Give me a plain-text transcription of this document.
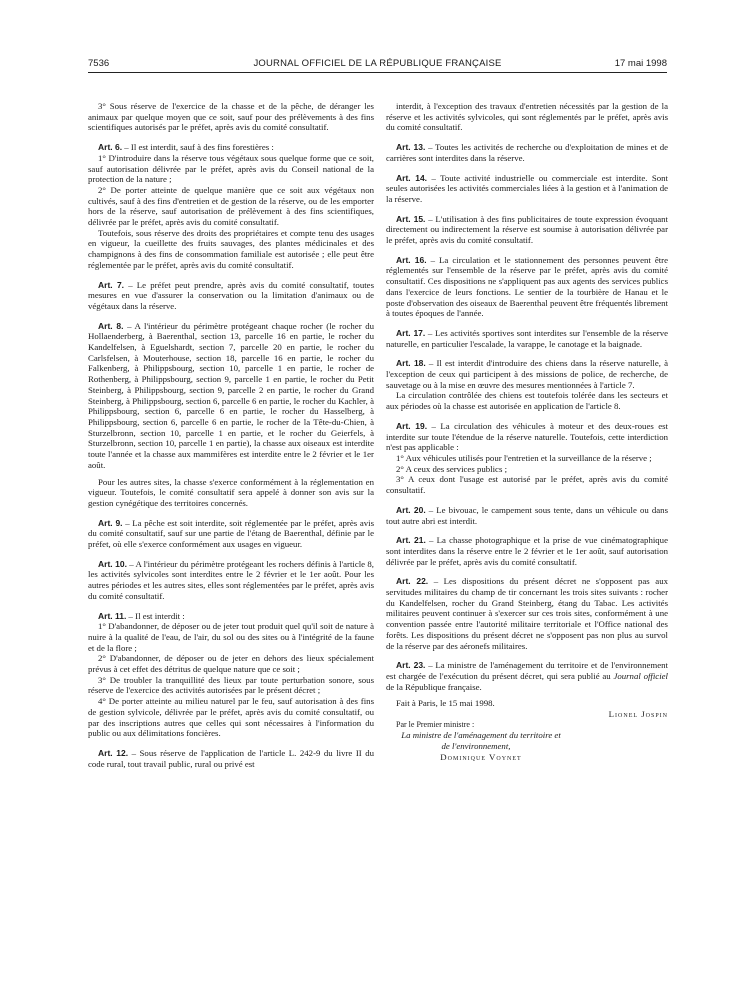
7536	JOURNAL OFFICIEL DE LA RÉPUBLIQUE FRANÇAISE	17 mai 1998

3° Sous réserve de l'exercice de la chasse et de la pêche, de déranger les animaux par quelque moyen que ce soit, sauf pour des prélèvements à des fins scientifiques autorisés par le préfet, après avis du comité consultatif.

Art. 6. – Il est interdit, sauf à des fins forestières :

1° D'introduire dans la réserve tous végétaux sous quelque forme que ce soit, sauf autorisation délivrée par le préfet, après avis du Conseil national de la protection de la nature ;

2° De porter atteinte de quelque manière que ce soit aux végétaux non cultivés, sauf à des fins d'entretien et de gestion de la réserve, ou de les emporter hors de la réserve, sauf autorisation de prélèvement à des fins scientifiques, délivrée par le préfet, après avis du comité consultatif.

Toutefois, sous réserve des droits des propriétaires et compte tenu des usages en vigueur, la cueillette des fruits sauvages, des plantes médicinales et des champignons à des fins de consommation familiale est autorisée ; elle peut être réglementée par le préfet, après avis du comité consultatif.

Art. 7. – Le préfet peut prendre, après avis du comité consultatif, toutes mesures en vue d'assurer la conservation ou la limitation d'animaux ou de végétaux dans la réserve.

Art. 8. – A l'intérieur du périmètre protégeant chaque rocher (le rocher du Hollaenderberg, à Baerenthal, section 13, parcelle 16 en partie, le rocher du Kandelfelsen, à Eguelshardt, section 7, parcelle 20 en partie, le rocher du Carlsfelsen, à Mouterhouse, section 18, parcelle 16 en partie, le rocher du Falkenberg, à Philippsbourg, section 10, parcelle 1 en partie, le rocher de Rothenberg, à Philippsbourg, section 9, parcelle 1 en partie, le rocher du Petit Steinberg, à Philippsbourg, section 9, parcelle 2 en partie, le rocher du Grand Steinberg, à Philippsbourg, section 6, parcelle 6 en partie, le rocher du Kachler, à Philippsbourg, section 6, parcelle 6 en partie, le rocher du Hasselberg, à Philippsbourg, section 6, parcelle 6 en partie, le rocher de la Tête-du-Chien, à Sturzelbronn, section 10, parcelle 1 en partie, et le rocher du Geierfels, à Sturzelbronn, section 10, parcelle 1 en partie), la chasse aux oiseaux est interdite toute l'année et la chasse aux mammifères est interdite entre le 2 février et le 1er août.

Pour les autres sites, la chasse s'exerce conformément à la réglementation en vigueur. Toutefois, le comité consultatif sera appelé à donner son avis sur la gestion cynégétique des territoires concernés.

Art. 9. – La pêche est soit interdite, soit réglementée par le préfet, après avis du comité consultatif, sauf sur une partie de l'étang de Baerenthal, définie par le préfet, où elle s'exerce conformément aux usages en vigueur.

Art. 10. – A l'intérieur du périmètre protégeant les rochers définis à l'article 8, les activités sylvicoles sont interdites entre le 2 février et le 1er août. Pour les autres périodes et les autres sites, elles sont réglementées par le préfet, après avis du comité consultatif.

Art. 11. – Il est interdit :

1° D'abandonner, de déposer ou de jeter tout produit quel qu'il soit de nature à nuire à la qualité de l'eau, de l'air, du sol ou des sites ou à l'intégrité de la faune et de la flore ;

2° D'abandonner, de déposer ou de jeter en dehors des lieux spécialement prévus à cet effet des détritus de quelque nature que ce soit ;

3° De troubler la tranquillité des lieux par toute perturbation sonore, sous réserve de l'exercice des activités autorisées par le présent décret ;

4° De porter atteinte au milieu naturel par le feu, sauf autorisation à des fins de gestion sylvicole, délivrée par le préfet, après avis du comité consultatif, ou par des inscriptions autres que celles qui sont nécessaires à l'information du public ou aux délimitations foncières.

Art. 12. – Sous réserve de l'application de l'article L. 242-9 du livre II du code rural, tout travail public, rural ou privé est

interdit, à l'exception des travaux d'entretien nécessités par la gestion de la réserve et les activités sylvicoles, qui sont réglementés par le préfet, après avis du comité consultatif.

Art. 13. – Toutes les activités de recherche ou d'exploitation de mines et de carrières sont interdites dans la réserve.

Art. 14. – Toute activité industrielle ou commerciale est interdite. Sont seules autorisées les activités commerciales liées à la gestion et à l'animation de la réserve.

Art. 15. – L'utilisation à des fins publicitaires de toute expression évoquant directement ou indirectement la réserve est soumise à autorisation délivrée par le préfet, après avis du comité consultatif.

Art. 16. – La circulation et le stationnement des personnes peuvent être réglementés sur l'ensemble de la réserve par le préfet, après avis du comité consultatif. Ces dispositions ne s'appliquent pas aux agents des services publics dans l'exercice de leurs fonctions. Le sentier de la tourbière de Hanau et le poste d'observation des oiseaux de Baerenthal peuvent être fréquentés librement à toutes époques de l'année.

Art. 17. – Les activités sportives sont interdites sur l'ensemble de la réserve naturelle, en particulier l'escalade, la varappe, le canotage et la baignade.

Art. 18. – Il est interdit d'introduire des chiens dans la réserve naturelle, à l'exception de ceux qui participent à des missions de police, de recherche, de sauvetage ou à la mise en œuvre des mesures mentionnées à l'article 7.

La circulation contrôlée des chiens est toutefois tolérée dans les secteurs et aux périodes où la chasse est autorisée en application de l'article 8.

Art. 19. – La circulation des véhicules à moteur et des deux-roues est interdite sur toute l'étendue de la réserve naturelle. Toutefois, cette interdiction n'est pas applicable :

1° Aux véhicules utilisés pour l'entretien et la surveillance de la réserve ;

2° A ceux des services publics ;

3° A ceux dont l'usage est autorisé par le préfet, après avis du comité consultatif.

Art. 20. – Le bivouac, le campement sous tente, dans un véhicule ou dans tout autre abri est interdit.

Art. 21. – La chasse photographique et la prise de vue cinématographique sont interdites dans la réserve entre le 2 février et le 1er août, sauf autorisation délivrée par le préfet, après avis du comité consultatif.

Art. 22. – Les dispositions du présent décret ne s'opposent pas aux servitudes militaires du champ de tir concernant les trois sites suivants : rocher du Kandelfelsen, rocher du Grand Steinberg, étang du Tabac. Les activités militaires peuvent continuer à s'exercer sur ces trois sites, conformément à une convention passée entre l'autorité militaire territoriale et l'Office national des forêts. Les dispositions du présent décret ne s'opposent pas non plus au survol de la réserve par des aéronefs militaires.

Art. 23. – La ministre de l'aménagement du territoire et de l'environnement est chargée de l'exécution du présent décret, qui sera publié au Journal officiel de la République française.

Fait à Paris, le 15 mai 1998.

Lionel Jospin

Par le Premier ministre :

La ministre de l'aménagement du territoire et de l'environnement,

Dominique Voynet
